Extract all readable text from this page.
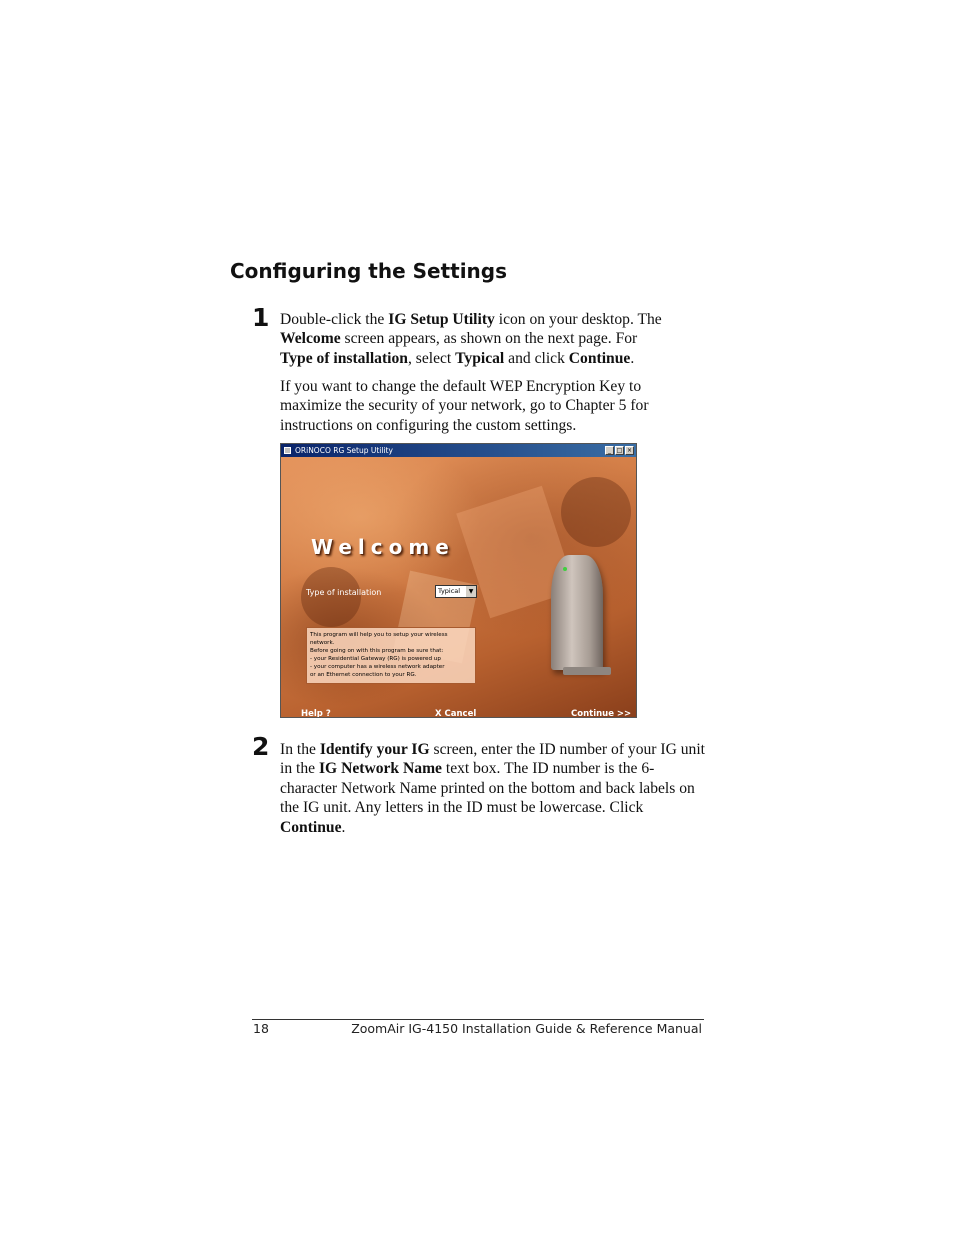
Configuring the Settings
1 Double-click the IG Setup Utility icon on your desktop. The
Welcome screen appears, as shown on the next page. For
Type of installation, select Typical and click Continue.
If you want to change the default WEP Encryption Key to maximize the security of your network, go to Chapter 5 for instructions on configuring the custom settings.
ORiNOCO RG Setup Utility	_ □ ×
Welcome
Type of installation	Typical	▼
This program will help you to setup your wireless
network.
Before going on with this program be sure that:
- your Residential Gateway (RG) is powered up
- your computer has a wireless network adapter
or an Ethernet connection to your RG.
Help ?	X Cancel	Continue >>
2 In the Identify your IG screen, enter the ID number of your IG unit in the IG Network Name text box. The ID number is the 6-character Network Name printed on the bottom and back labels on the IG unit. Any letters in the ID must be lowercase. Click Continue.
18	ZoomAir IG-4150 Installation Guide & Reference Manual
